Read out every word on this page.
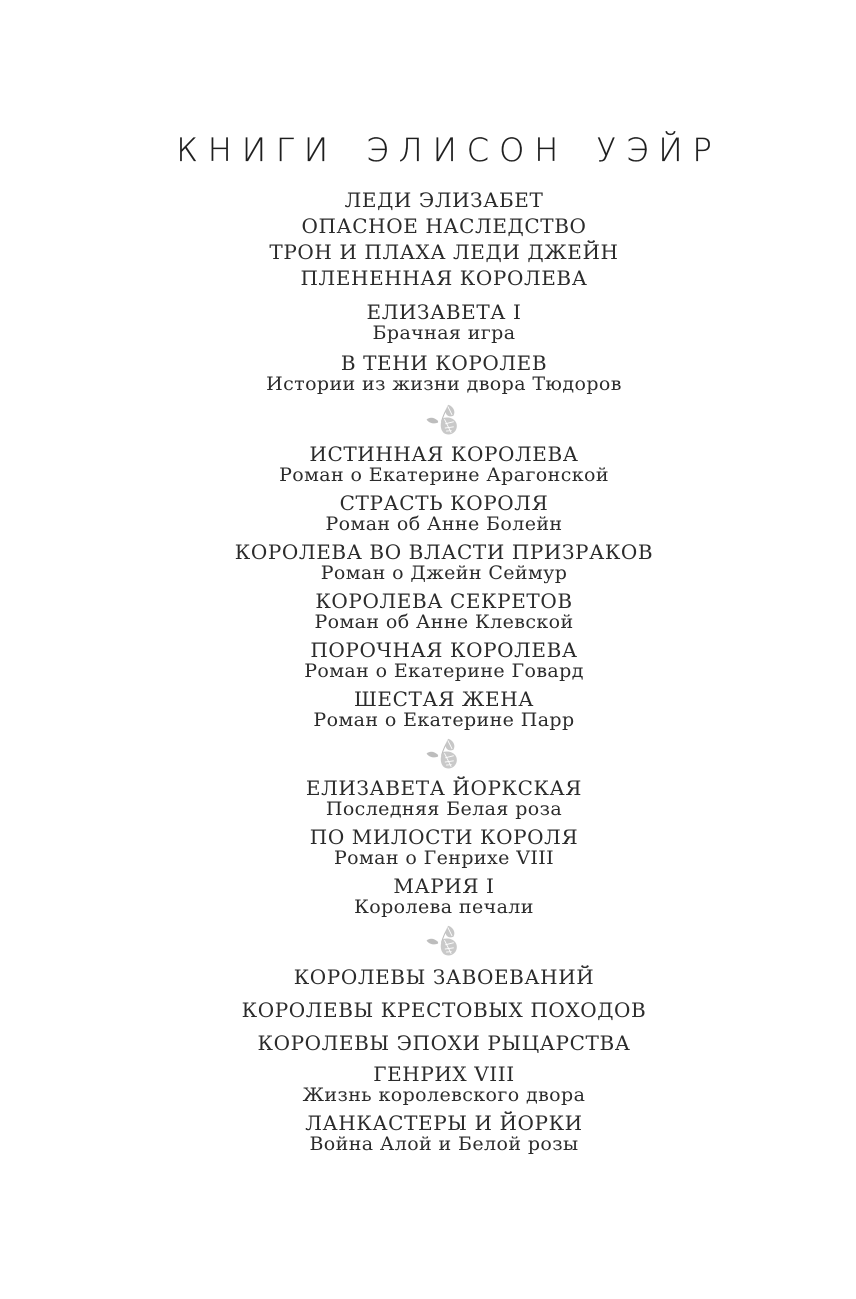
КНИГИ ЭЛИСОН УЭЙР
ЛЕДИ ЭЛИЗАБЕТ
ОПАСНОЕ НАСЛЕДСТВО
ТРОН И ПЛАХА ЛЕДИ ДЖЕЙН
ПЛЕНЕННАЯ КОРОЛЕВА
ЕЛИЗАВЕТА I
Брачная игра
В ТЕНИ КОРОЛЕВ
Истории из жизни двора Тюдоров
ИСТИННАЯ КОРОЛЕВА
Роман о Екатерине Арагонской
СТРАСТЬ КОРОЛЯ
Роман об Анне Болейн
КОРОЛЕВА ВО ВЛАСТИ ПРИЗРАКОВ
Роман о Джейн Сеймур
КОРОЛЕВА СЕКРЕТОВ
Роман об Анне Клевской
ПОРОЧНАЯ КОРОЛЕВА
Роман о Екатерине Говард
ШЕСТАЯ ЖЕНА
Роман о Екатерине Парр
ЕЛИЗАВЕТА ЙОРКСКАЯ
Последняя Белая роза
ПО МИЛОСТИ КОРОЛЯ
Роман о Генрихе VIII
МАРИЯ I
Королева печали
КОРОЛЕВЫ ЗАВОЕВАНИЙ
КОРОЛЕВЫ КРЕСТОВЫХ ПОХОДОВ
КОРОЛЕВЫ ЭПОХИ РЫЦАРСТВА
ГЕНРИХ VIII
Жизнь королевского двора
ЛАНКАСТЕРЫ И ЙОРКИ
Война Алой и Белой розы
